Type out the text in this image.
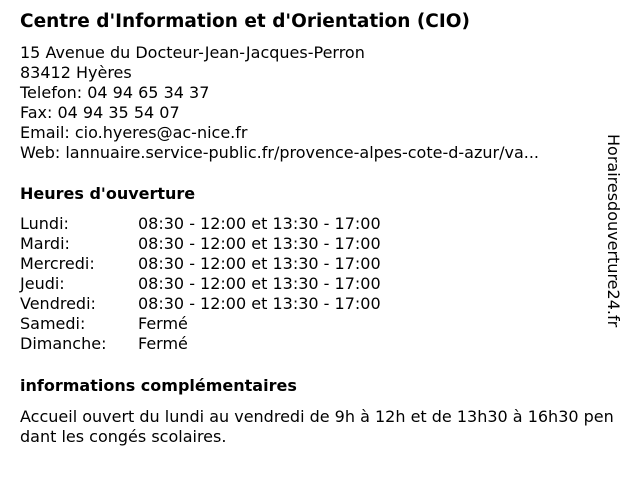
Centre d'Information et d'Orientation (CIO)
15 Avenue du Docteur-Jean-Jacques-Perron
83412 Hyères
Telefon: 04 94 65 34 37
Fax: 04 94 35 54 07
Email: cio.hyeres@ac-nice.fr
Web: lannuaire.service-public.fr/provence-alpes-cote-d-azur/va...
Heures d'ouverture
Lundi:	08:30 - 12:00 et 13:30 - 17:00
Mardi:	08:30 - 12:00 et 13:30 - 17:00
Mercredi:	08:30 - 12:00 et 13:30 - 17:00
Jeudi:	08:30 - 12:00 et 13:30 - 17:00
Vendredi:	08:30 - 12:00 et 13:30 - 17:00
Samedi:	Fermé
Dimanche:	Fermé
informations complémentaires
Accueil ouvert du lundi au vendredi de 9h à 12h et de 13h30 à 16h30 pendant les congés scolaires.
Horairesdouverture24.fr
